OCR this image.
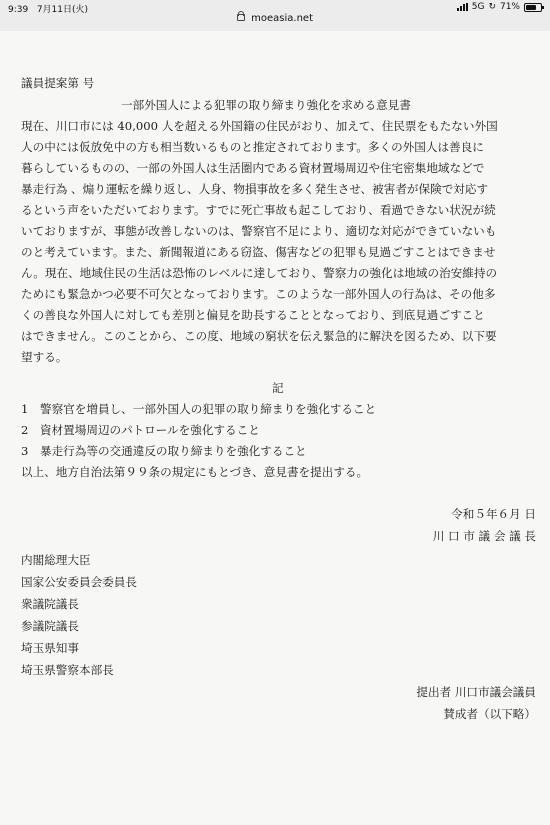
9:39 7月11日(火)	5G ↻ 71%
moeasia.net
議員提案第 号
一部外国人による犯罪の取り締まり強化を求める意見書
現在、川口市には 40,000 人を超える外国籍の住民がおり、加えて、住民票をもたない外国
人の中には仮放免中の方も相当数いるものと推定されております。多くの外国人は善良に
暮らしているものの、一部の外国人は生活圏内である資材置場周辺や住宅密集地域などで
暴走行為 、煽り運転を繰り返し、人身、物損事故を多く発生させ、被害者が保険で対応す
るという声をいただいております。すでに死亡事故も起こしており、看過できない状況が続
いておりますが、事態が改善しないのは、警察官不足により、適切な対応ができていないも
のと考えています。また、新聞報道にある窃盗、傷害などの犯罪も見過ごすことはできませ
ん。現在、地域住民の生活は恐怖のレベルに達しており、警察力の強化は地域の治安維持の
ためにも緊急かつ必要不可欠となっております。このような一部外国人の行為は、その他多
くの善良な外国人に対しても差別と偏見を助長することとなっており、到底見過ごすこと
はできません。このことから、この度、地域の窮状を伝え緊急的に解決を図るため、以下要
望する。
記
1　警察官を増員し、一部外国人の犯罪の取り締まりを強化すること
2　資材置場周辺のパトロールを強化すること
3　暴走行為等の交通違反の取り締まりを強化すること
以上、地方自治法第９９条の規定にもとづき、意見書を提出する。
令和５年６月 日
川 口 市 議 会 議 長
内閣総理大臣
国家公安委員会委員長
衆議院議長
参議院議長
埼玉県知事
埼玉県警察本部長
提出者 川口市議会議員
賛成者（以下略）
